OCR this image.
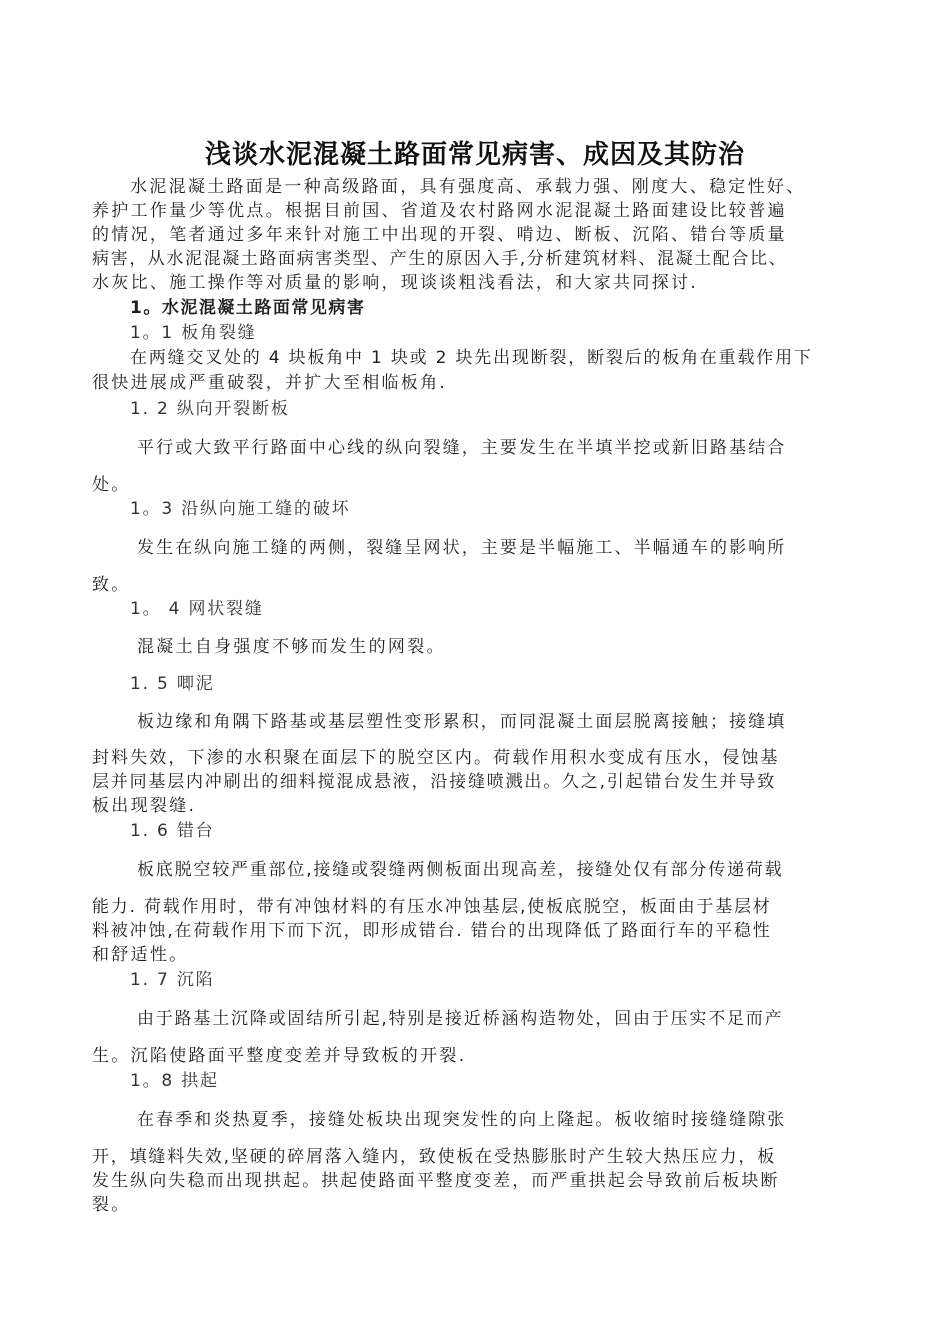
浅谈水泥混凝土路面常见病害、成因及其防治
水泥混凝土路面是一种高级路面，具有强度高、承载力强、刚度大、稳定性好、
养护工作量少等优点。根据目前国、省道及农村路网水泥混凝土路面建设比较普遍
的情况，笔者通过多年来针对施工中出现的开裂、啃边、断板、沉陷、错台等质量
病害，从水泥混凝土路面病害类型、产生的原因入手,分析建筑材料、混凝土配合比、
水灰比、施工操作等对质量的影响，现谈谈粗浅看法，和大家共同探讨.
1。水泥混凝土路面常见病害
1。1 板角裂缝
在两缝交叉处的 4 块板角中 1 块或 2 块先出现断裂，断裂后的板角在重载作用下
很快进展成严重破裂，并扩大至相临板角.
1. 2 纵向开裂断板
平行或大致平行路面中心线的纵向裂缝，主要发生在半填半挖或新旧路基结合
处。
1。3 沿纵向施工缝的破坏
发生在纵向施工缝的两侧，裂缝呈网状，主要是半幅施工、半幅通车的影响所
致。
1。 4 网状裂缝
混凝土自身强度不够而发生的网裂。
1. 5 唧泥
板边缘和角隅下路基或基层塑性变形累积，而同混凝土面层脱离接触；接缝填
封料失效，下渗的水积聚在面层下的脱空区内。荷载作用积水变成有压水，侵蚀基
层并同基层内冲刷出的细料搅混成悬液，沿接缝喷溅出。久之,引起错台发生并导致
板出现裂缝.
1. 6 错台
板底脱空较严重部位,接缝或裂缝两侧板面出现高差，接缝处仅有部分传递荷载
能力. 荷载作用时，带有冲蚀材料的有压水冲蚀基层,使板底脱空，板面由于基层材
料被冲蚀,在荷载作用下而下沉，即形成错台. 错台的出现降低了路面行车的平稳性
和舒适性。
1. 7 沉陷
由于路基土沉降或固结所引起,特别是接近桥涵构造物处，回由于压实不足而产
生。沉陷使路面平整度变差并导致板的开裂.
1。8 拱起
在春季和炎热夏季，接缝处板块出现突发性的向上隆起。板收缩时接缝缝隙张
开，填缝料失效,坚硬的碎屑落入缝内，致使板在受热膨胀时产生较大热压应力，板
发生纵向失稳而出现拱起。拱起使路面平整度变差，而严重拱起会导致前后板块断
裂。
